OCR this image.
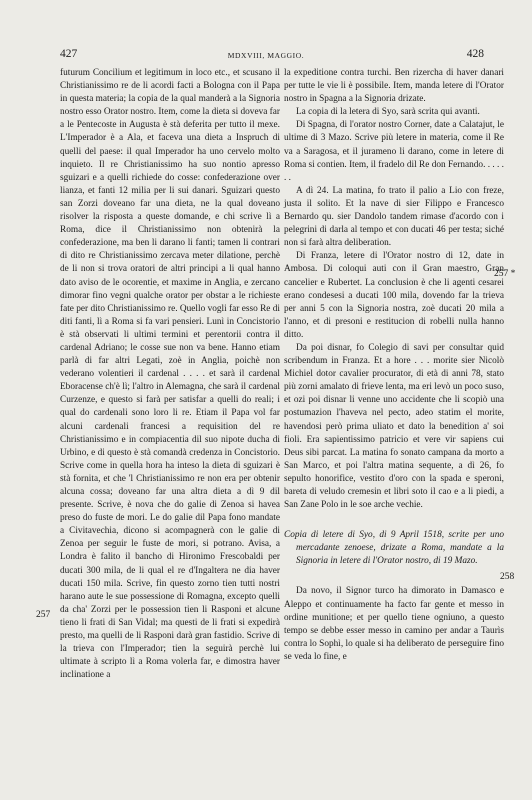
427	MDXVIII, MAGGIO.	428

futurum Concilium et legitimum in loco etc., et scusano il Christianissimo re de li acordi facti a Bologna con il Papa in questa materia; la copia de la qual manderà a la Signoria nostro esso Orator nostro. Item, come la dieta si doveva far a le Pentecoste in Augusta è stà deferita per tutto il mexe. L'Imperador è a Ala, et faceva una dieta a Inspruch di quelli del paese: il qual Imperador ha uno cervelo molto inquieto. Il re Christianissimo ha suo nontio apresso sguizari e a quelli richiede do cosse: confederazione over lianza, et fanti 12 milia per li sui danari. Sguizari questo san Zorzi doveano far una dieta, ne la qual doveano risolver la risposta a queste domande, e chi scrive lì a Roma, dice il Christianissimo non obtenirà la confederazione, ma ben li darano li fanti; tamen li contrari di dito re Christianissimo zercava meter dilatione, perchè de li non si trova oratori de altri principi a li qual hanno dato aviso de le ocorentie, et maxime in Anglia, e zercano dimorar fino vegni qualche orator per obstar a le richieste fate per dito Christianissimo re. Quello vogli far esso Re di diti fanti, lì a Roma si fa vari pensieri. Lunì in Concistorio è stà observati li ultimi termini et perentorii contra il cardenal Adriano; le cosse sue non va bene. Hanno etiam parlà di far altri Legati, zoè in Anglia, poichè non vederano volentieri il cardenal . . . . et sarà il cardenal Eboracense ch'è lì; l'altro in Alemagna, che sarà il cardenal Curzenze, e questo si farà per satisfar a quelli do reali; i qual do cardenali sono loro li re. Etiam il Papa vol far alcuni cardenali francesi a requisition del re Christianissimo e in compiacentia dil suo nipote ducha di Urbino, e di questo è stà comandà credenza in Concistorio. Scrive come in quella hora ha inteso la dieta di sguizari è stà fornita, et che 'l Christianissimo re non era per obtenir alcuna cossa; doveano far una altra dieta a dì 9 dil presente. Scrive, è nova che do galie di Zenoa si havea preso do fuste de mori. Le do galie dil Papa fono mandate a Civitavechia, dicono si acompagnerà con le galie di Zenoa per seguir le fuste de mori, si potrano. Avisa, a Londra è falito il bancho di Hironimo Frescobaldi per ducati 300 mila, de li qual el re d'Ingaltera ne dia haver ducati 150 mila. Scrive, fin questo zorno tien tutti nostri harano aute le sue possessione di Romagna, excepto quelli da cha' Zorzi per le possession tien li Rasponi et alcune tieno li frati di San Vidal; ma questi de li frati si expedirà presto, ma quelli de li Rasponi darà gran fastidio. Scrive di la trieva con l'Imperador; tien la seguirà perchè lui ultimate à scripto lì a Roma volerla far, e dimostra haver inclinatione a

la expeditione contra turchi. Ben rizercha di haver danari per tutte le vie li è possibile. Item, manda letere di l'Orator nostro in Spagna a la Signoria drizate.

La copia di la letera di Syo, sarà scrita qui avanti.

Di Spagna, di l'orator nostro Corner, date a Calatajut, le ultime di 3 Mazo. Scrive più letere in materia, come il Re va a Saragosa, et il jurameno li darano, come in letere di Roma si contien. Item, il fradelo dil Re don Fernando. . . . . . .

A dì 24. La matina, fo trato il palio a Lio con freze, justa il solito. Et la nave di sier Filippo e Francesco Bernardo qu. sier Dandolo tandem rimase d'acordo con i pelegrini di darla al tempo et con ducati 46 per testa; siché non si farà altra deliberation.

Di Franza, letere di l'Orator nostro di 12, date in Ambosa. Di coloqui auti con il Gran maestro, Gran cancelier e Rubertet. La conclusion è che li agenti cesarei erano condesesi a ducati 100 mila, dovendo far la trieva per anni 5 con la Signoria nostra, zoè ducati 20 mila a l'anno, et di presoni e restitucion di robelli nulla hanno ditto.

Da poi disnar, fo Colegio di savi per consultar quid scribendum in Franza. Et a hore . . . morite sier Nicolò Michiel dotor cavalier procurator, di età di anni 78, stato più zorni amalato di frieve lenta, ma eri levò un poco suso, et ozi poi disnar li venne uno accidente che li scopiò una postumazion l'haveva nel pecto, adeo statim el morite, havendosi però prima uliato et dato la benedition a' soi fioli. Era sapientissimo patricio et vere vir sapiens cui Deus sibi parcat. La matina fo sonato campana da morto a San Marco, et poi l'altra matina sequente, a dì 26, fo sepulto honorifice, vestito d'oro con la spada e speroni, bareta di veludo cremesin et libri soto il cao e a li piedi, a San Zane Polo in le soe arche vechie.

Copia di letere di Syo, di 9 April 1518, scrite per uno mercadante zenoese, drizate a Roma, mandate a la Signoria in letere di l'Orator nostro, di 19 Mazo.

Da novo, il Signor turco ha dimorato in Damasco e Aleppo et continuamente ha facto far gente et messo in ordine munitione; et per quello tiene ogniuno, a questo tempo se debbe esser messo in camino per andar a Taurìs contra lo Sophì, lo quale si ha deliberato de perseguire fino se veda lo fine, e

257
257 *
258
